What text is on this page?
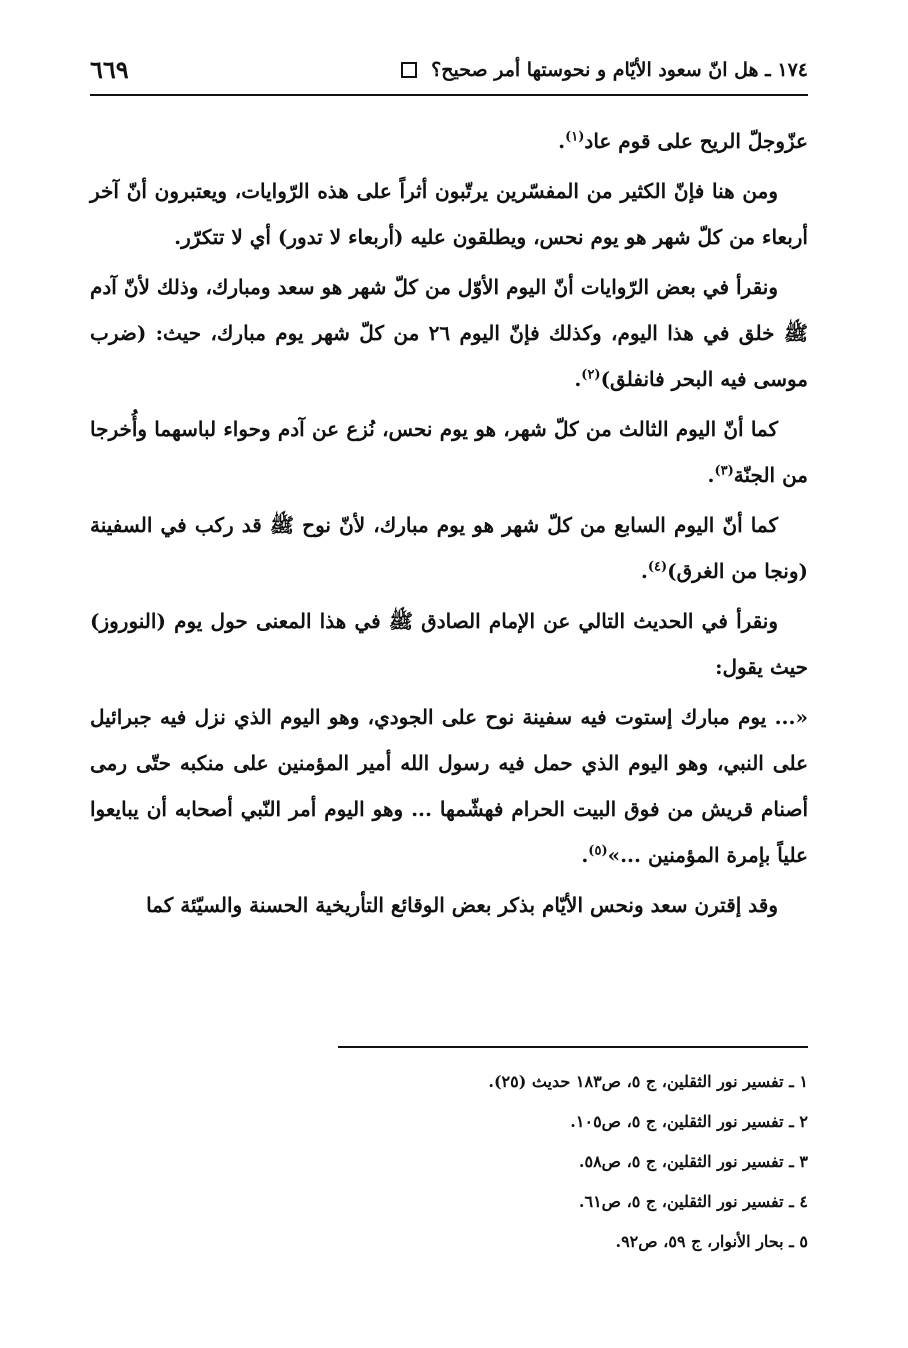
١٧٤ ـ هل انّ سعود الأيّام و نحوستها أمر صحيح؟
٦٦٩

عزّوجلّ الريح على قوم عاد$^{(١)}$.

ومن هنا فإنّ الكثير من المفسّرين يرتّبون أثراً على هذه الرّوايات، ويعتبرون أنّ آخر أربعاء من كلّ شهر هو يوم نحس، ويطلقون عليه (أربعاء لا تدور) أي لا تتكرّر.

ونقرأ في بعض الرّوايات أنّ اليوم الأوّل من كلّ شهر هو سعد ومبارك، وذلك لأنّ آدم ﷺ خلق في هذا اليوم، وكذلك فإنّ اليوم ٢٦ من كلّ شهر يوم مبارك، حيث: (ضرب موسى فيه البحر فانفلق)$^{(٢)}$.

كما أنّ اليوم الثالث من كلّ شهر، هو يوم نحس، نُزع عن آدم وحواء لباسهما وأُخرجا من الجنّة$^{(٣)}$.

كما أنّ اليوم السابع من كلّ شهر هو يوم مبارك، لأنّ نوح ﷺ قد ركب في السفينة (ونجا من الغرق)$^{(٤)}$.

ونقرأ في الحديث التالي عن الإمام الصادق ﷺ في هذا المعنى حول يوم (النوروز) حيث يقول:

«... يوم مبارك إستوت فيه سفينة نوح على الجودي، وهو اليوم الذي نزل فيه جبرائيل على النبي، وهو اليوم الذي حمل فيه رسول الله أمير المؤمنين على منكبه حتّى رمى أصنام قريش من فوق البيت الحرام فهشّمها ... وهو اليوم أمر النّبي أصحابه أن يبايعوا علياً بإمرة المؤمنين ...»$^{(٥)}$.

وقد إقترن سعد ونحس الأيّام بذكر بعض الوقائع التأريخية الحسنة والسيّئة كما

١ ـ تفسير نور الثقلين، ج ٥، ص١٨٣ حديث (٢٥).

٢ ـ تفسير نور الثقلين، ج ٥، ص١٠٥.

٣ ـ تفسير نور الثقلين، ج ٥، ص٥٨.

٤ ـ تفسير نور الثقلين، ج ٥، ص٦١.

٥ ـ بحار الأنوار، ج ٥٩، ص٩٢.
